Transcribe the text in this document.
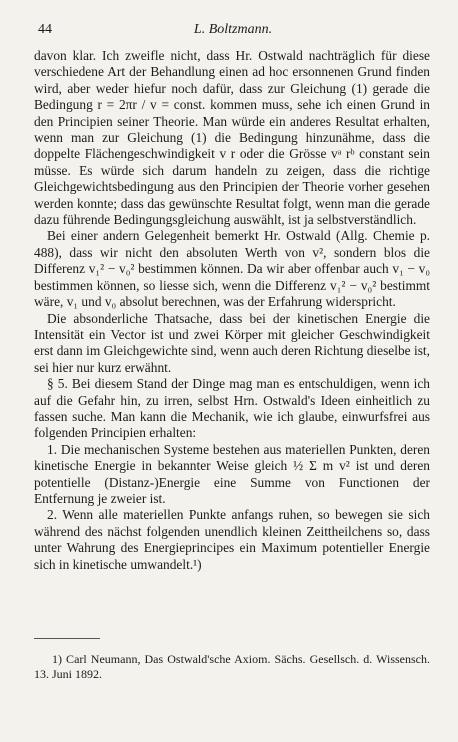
44	L. Boltzmann.

davon klar. Ich zweifle nicht, dass Hr. Ostwald nachträglich für diese verschiedene Art der Behandlung einen ad hoc ersonnenen Grund finden wird, aber weder hiefur noch dafür, dass zur Gleichung (1) gerade die Bedingung r = 2πr / v = const. kommen muss, sehe ich einen Grund in den Principien seiner Theorie. Man würde ein anderes Resultat erhalten, wenn man zur Gleichung (1) die Bedingung hinzunähme, dass die doppelte Flächengeschwindigkeit v r oder die Grösse vᵃ rᵇ constant sein müsse. Es würde sich darum handeln zu zeigen, dass die richtige Gleichgewichtsbedingung aus den Principien der Theorie vorher gesehen werden konnte; dass das gewünschte Resultat folgt, wenn man die gerade dazu führende Bedingungsgleichung auswählt, ist ja selbstverständlich.

Bei einer andern Gelegenheit bemerkt Hr. Ostwald (Allg. Chemie p. 488), dass wir nicht den absoluten Werth von v², sondern blos die Differenz v₁² − v₀² bestimmen können. Da wir aber offenbar auch v₁ − v₀ bestimmen können, so liesse sich, wenn die Differenz v₁² − v₀² bestimmt wäre, v₁ und v₀ absolut berechnen, was der Erfahrung widerspricht.

Die absonderliche Thatsache, dass bei der kinetischen Energie die Intensität ein Vector ist und zwei Körper mit gleicher Geschwindigkeit erst dann im Gleichgewichte sind, wenn auch deren Richtung dieselbe ist, sei hier nur kurz erwähnt.

§ 5. Bei diesem Stand der Dinge mag man es entschuldigen, wenn ich auf die Gefahr hin, zu irren, selbst Hrn. Ostwald's Ideen einheitlich zu fassen suche. Man kann die Mechanik, wie ich glaube, einwurfsfrei aus folgenden Principien erhalten:

1. Die mechanischen Systeme bestehen aus materiellen Punkten, deren kinetische Energie in bekannter Weise gleich ½ Σ m v² ist und deren potentielle (Distanz-)Energie eine Summe von Functionen der Entfernung je zweier ist.

2. Wenn alle materiellen Punkte anfangs ruhen, so bewegen sie sich während des nächst folgenden unendlich kleinen Zeittheilchens so, dass unter Wahrung des Energieprincipes ein Maximum potentieller Energie sich in kinetische umwandelt.¹)

1) Carl Neumann, Das Ostwald'sche Axiom. Sächs. Gesellsch. d. Wissensch. 13. Juni 1892.
